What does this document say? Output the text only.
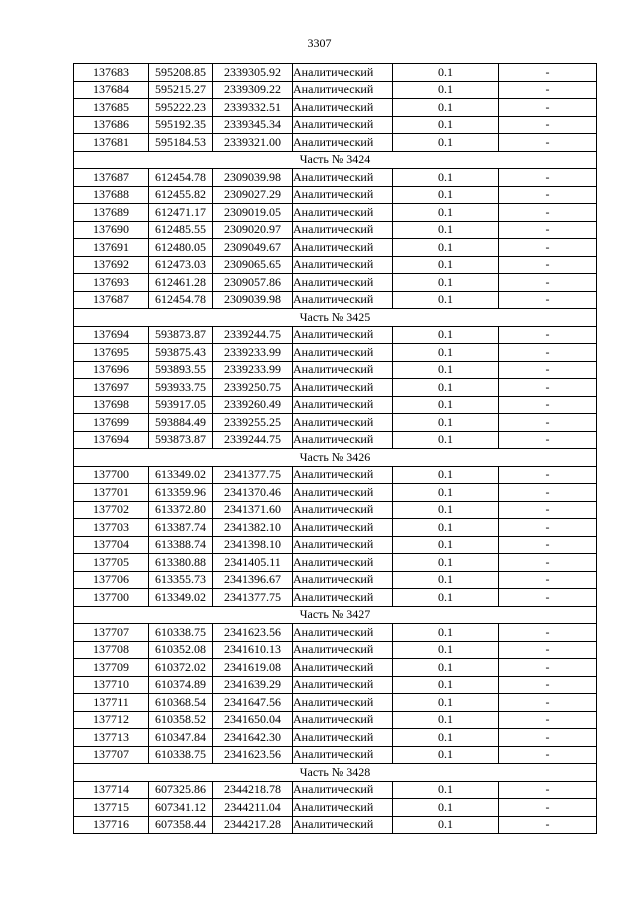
3307
137683	595208.85	2339305.92	Аналитический	0.1	-
137684	595215.27	2339309.22	Аналитический	0.1	-
137685	595222.23	2339332.51	Аналитический	0.1	-
137686	595192.35	2339345.34	Аналитический	0.1	-
137681	595184.53	2339321.00	Аналитический	0.1	-
Часть № 3424					
137687	612454.78	2309039.98	Аналитический	0.1	-
137688	612455.82	2309027.29	Аналитический	0.1	-
137689	612471.17	2309019.05	Аналитический	0.1	-
137690	612485.55	2309020.97	Аналитический	0.1	-
137691	612480.05	2309049.67	Аналитический	0.1	-
137692	612473.03	2309065.65	Аналитический	0.1	-
137693	612461.28	2309057.86	Аналитический	0.1	-
137687	612454.78	2309039.98	Аналитический	0.1	-
Часть № 3425					
137694	593873.87	2339244.75	Аналитический	0.1	-
137695	593875.43	2339233.99	Аналитический	0.1	-
137696	593893.55	2339233.99	Аналитический	0.1	-
137697	593933.75	2339250.75	Аналитический	0.1	-
137698	593917.05	2339260.49	Аналитический	0.1	-
137699	593884.49	2339255.25	Аналитический	0.1	-
137694	593873.87	2339244.75	Аналитический	0.1	-
Часть № 3426					
137700	613349.02	2341377.75	Аналитический	0.1	-
137701	613359.96	2341370.46	Аналитический	0.1	-
137702	613372.80	2341371.60	Аналитический	0.1	-
137703	613387.74	2341382.10	Аналитический	0.1	-
137704	613388.74	2341398.10	Аналитический	0.1	-
137705	613380.88	2341405.11	Аналитический	0.1	-
137706	613355.73	2341396.67	Аналитический	0.1	-
137700	613349.02	2341377.75	Аналитический	0.1	-
Часть № 3427					
137707	610338.75	2341623.56	Аналитический	0.1	-
137708	610352.08	2341610.13	Аналитический	0.1	-
137709	610372.02	2341619.08	Аналитический	0.1	-
137710	610374.89	2341639.29	Аналитический	0.1	-
137711	610368.54	2341647.56	Аналитический	0.1	-
137712	610358.52	2341650.04	Аналитический	0.1	-
137713	610347.84	2341642.30	Аналитический	0.1	-
137707	610338.75	2341623.56	Аналитический	0.1	-
Часть № 3428					
137714	607325.86	2344218.78	Аналитический	0.1	-
137715	607341.12	2344211.04	Аналитический	0.1	-
137716	607358.44	2344217.28	Аналитический	0.1	-
